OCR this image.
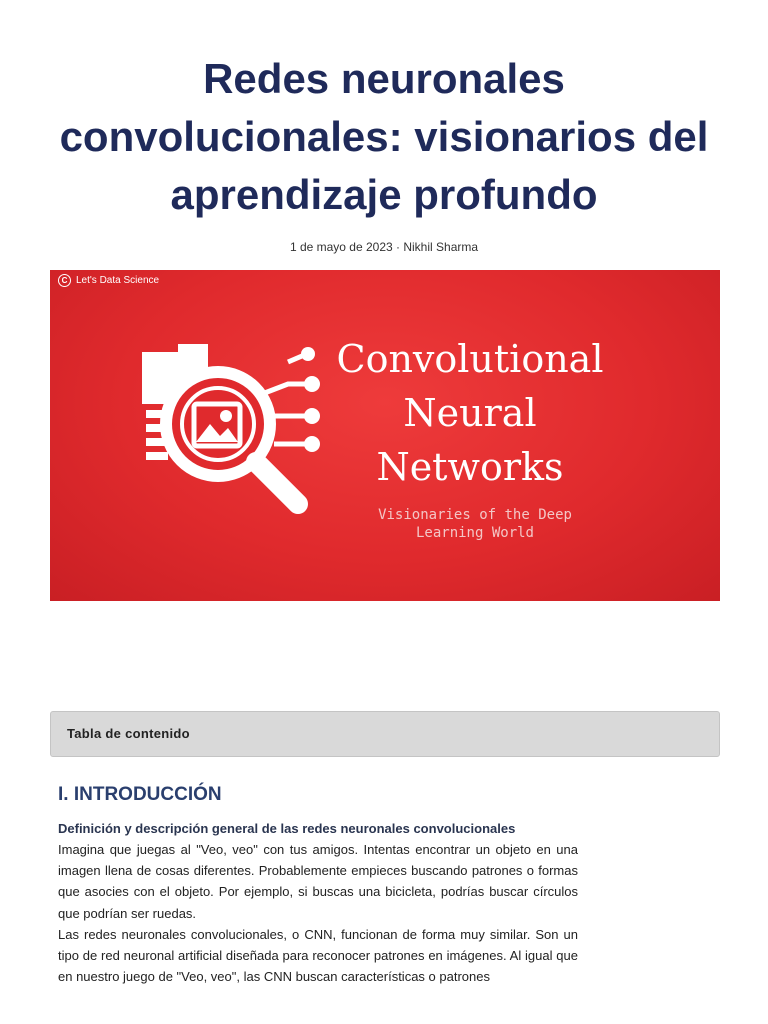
Redes neuronales convolucionales: visionarios del aprendizaje profundo
1 de mayo de 2023 · Nikhil Sharma
C Let's Data Science
Convolutional
Neural
Networks
Visionaries of the Deep
Learning World
Tabla de contenido
I. INTRODUCCIÓN
Definición y descripción general de las redes neuronales convolucionales

Imagina que juegas al "Veo, veo" con tus amigos. Intentas encontrar un objeto en una imagen llena de cosas diferentes. Probablemente empieces buscando patrones o formas que asocies con el objeto. Por ejemplo, si buscas una bicicleta, podrías buscar círculos que podrían ser ruedas.

Las redes neuronales convolucionales, o CNN, funcionan de forma muy similar. Son un tipo de red neuronal artificial diseñada para reconocer patrones en imágenes. Al igual que en nuestro juego de "Veo, veo", las CNN buscan características o patrones
